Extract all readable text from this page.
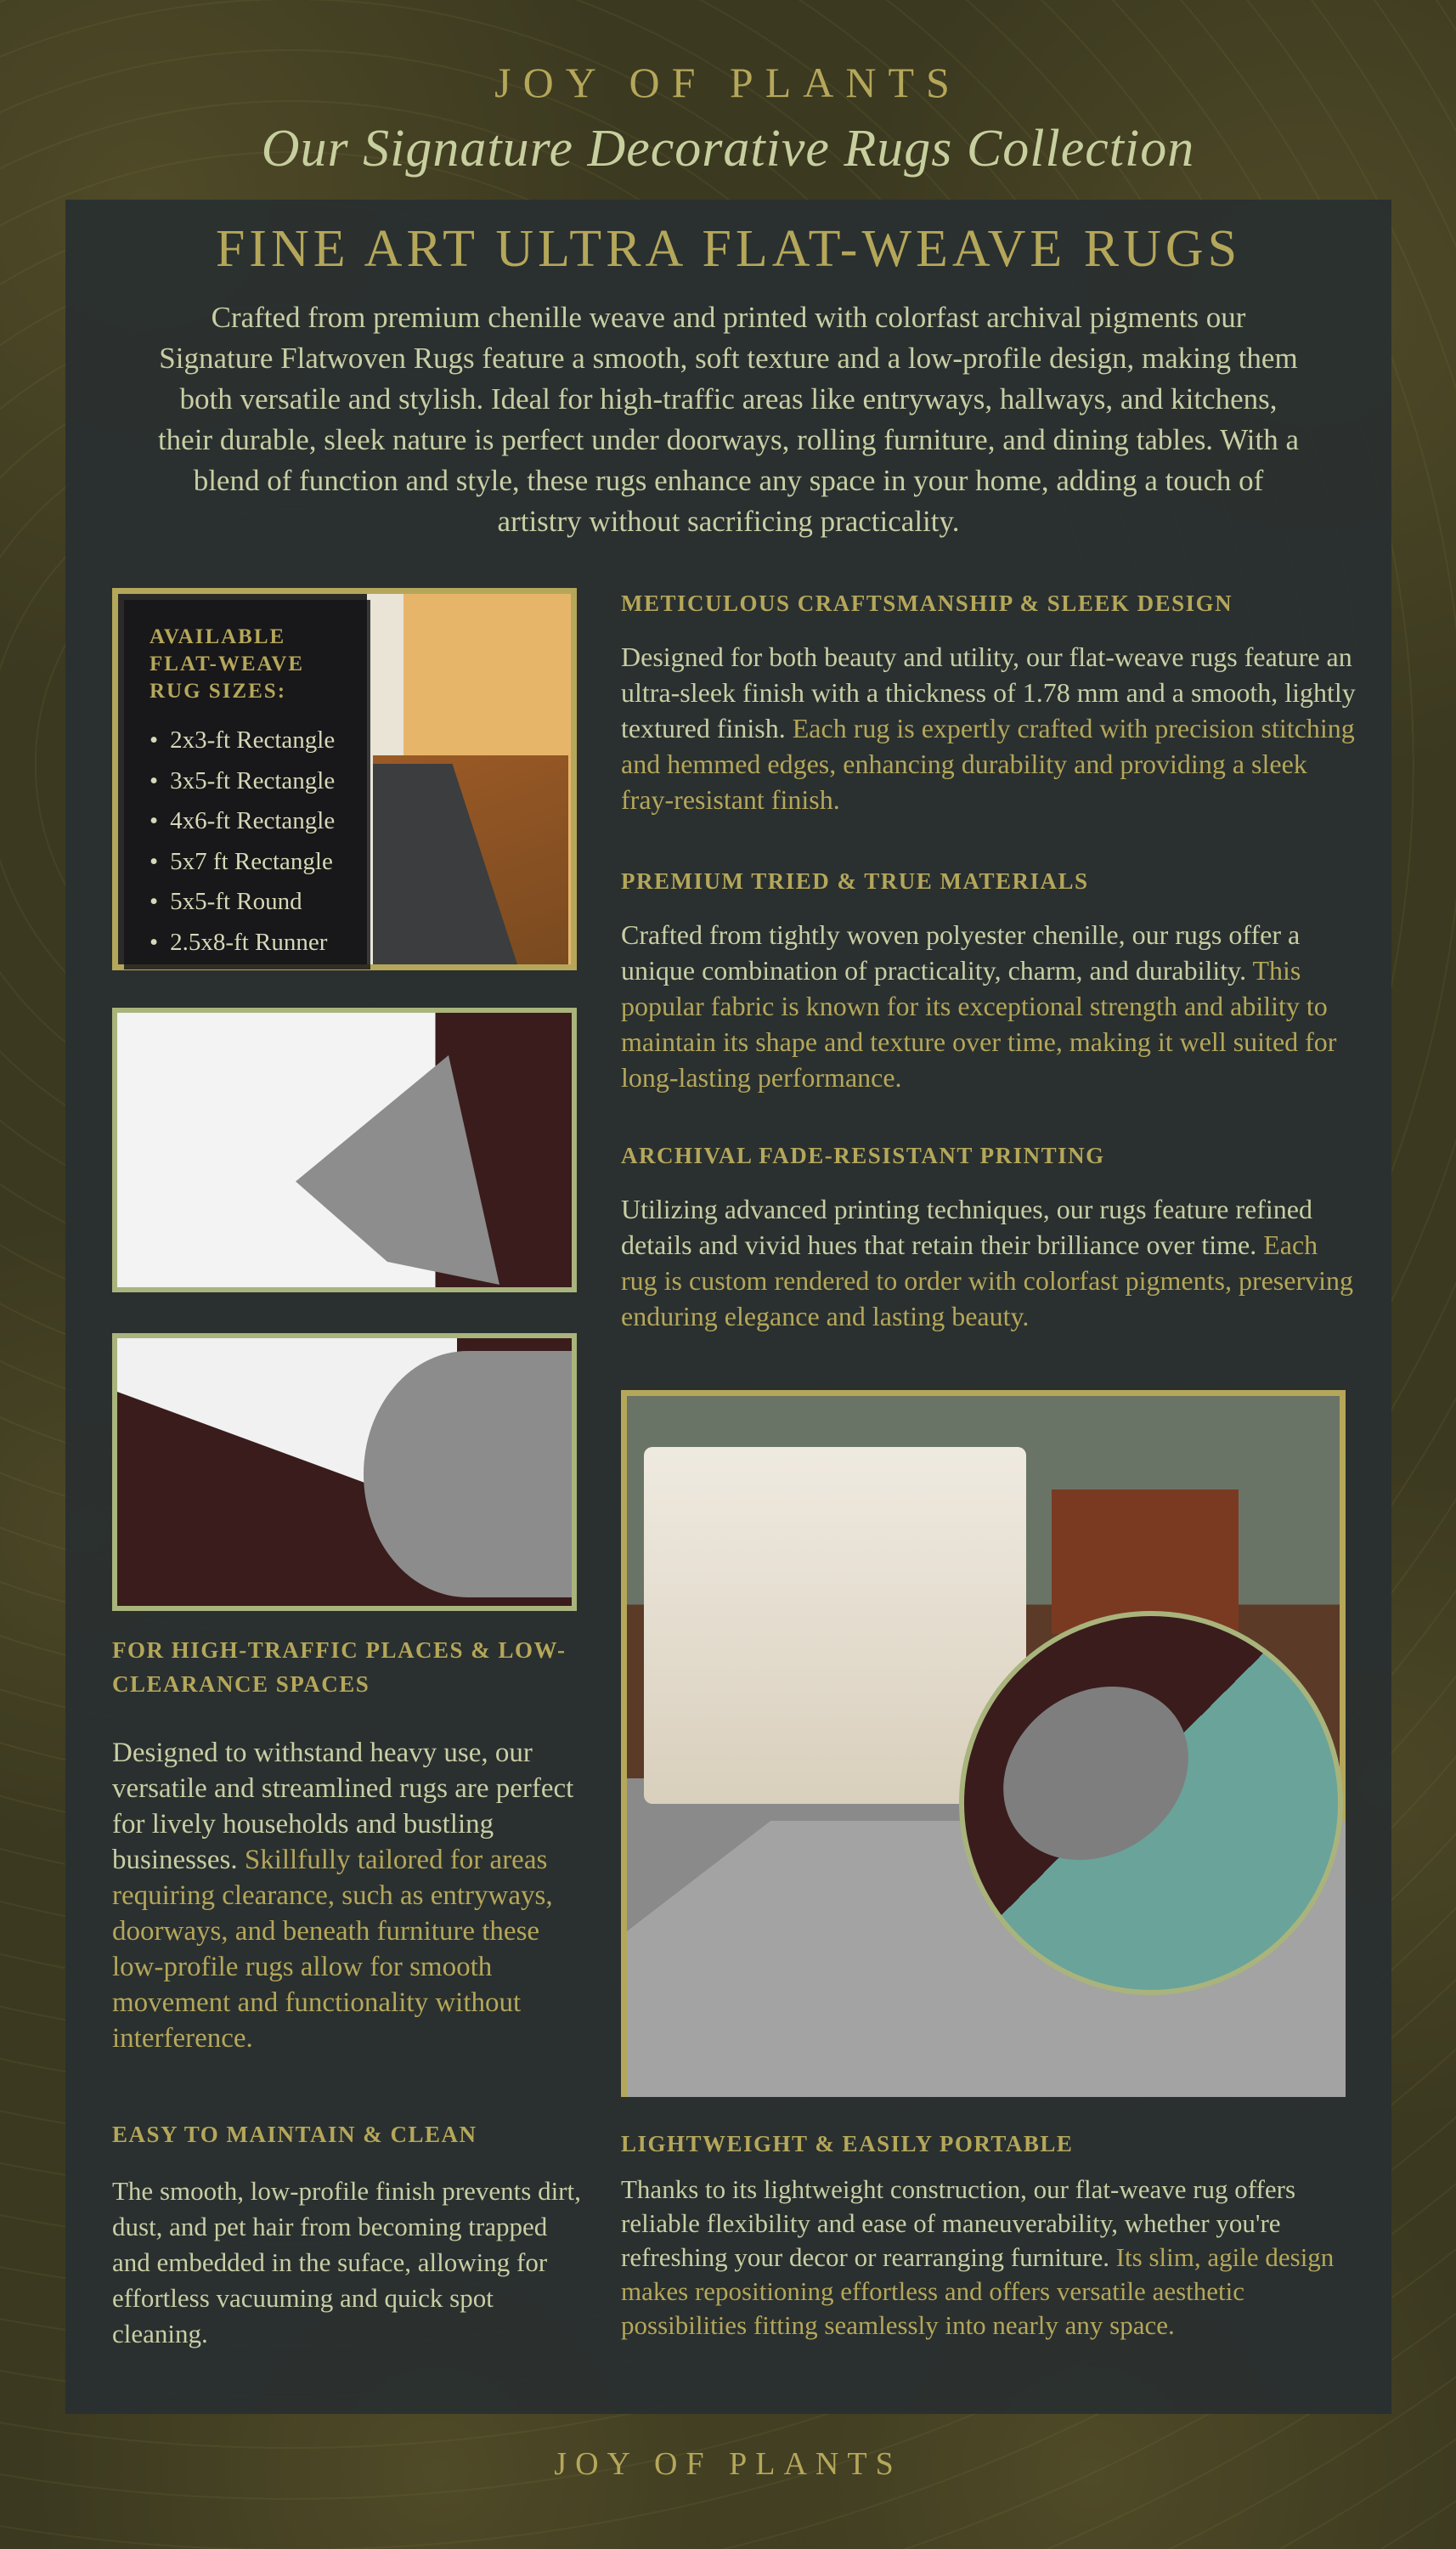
JOY OF PLANTS
Our Signature Decorative Rugs Collection
FINE ART ULTRA FLAT-WEAVE RUGS
Crafted from premium chenille weave and printed with colorfast archival pigments our Signature Flatwoven Rugs feature a smooth, soft texture and a low-profile design, making them both versatile and stylish. Ideal for high-traffic areas like entryways, hallways, and kitchens, their durable, sleek nature is perfect under doorways, rolling furniture, and dining tables. With a blend of function and style, these rugs enhance any space in your home, adding a touch of artistry without sacrificing practicality.
AVAILABLE FLAT-WEAVE RUG SIZES:
• 2x3-ft Rectangle
• 3x5-ft Rectangle
• 4x6-ft Rectangle
• 5x7 ft Rectangle
• 5x5-ft Round
• 2.5x8-ft Runner
FOR HIGH-TRAFFIC PLACES & LOW-CLEARANCE SPACES
Designed to withstand heavy use, our versatile and streamlined rugs are perfect for lively households and bustling businesses. Skillfully tailored for areas requiring clearance, such as entryways, doorways, and beneath furniture these low-profile rugs allow for smooth movement and functionality without interference.
EASY TO MAINTAIN & CLEAN
The smooth, low-profile finish prevents dirt, dust, and pet hair from becoming trapped and embedded in the suface, allowing for effortless vacuuming and quick spot cleaning.
METICULOUS CRAFTSMANSHIP & SLEEK DESIGN
Designed for both beauty and utility, our flat-weave rugs feature an ultra-sleek finish with a thickness of 1.78 mm and a smooth, lightly textured finish. Each rug is expertly crafted with precision stitching and hemmed edges, enhancing durability and providing a sleek fray-resistant finish.
PREMIUM TRIED & TRUE MATERIALS
Crafted from tightly woven polyester chenille, our rugs offer a unique combination of practicality, charm, and durability. This popular fabric is known for its exceptional strength and ability to maintain its shape and texture over time, making it well suited for long-lasting performance.
ARCHIVAL FADE-RESISTANT PRINTING
Utilizing advanced printing techniques, our rugs feature refined details and vivid hues that retain their brilliance over time. Each rug is custom rendered to order with colorfast pigments, preserving enduring elegance and lasting beauty.
LIGHTWEIGHT & EASILY PORTABLE
Thanks to its lightweight construction, our flat-weave rug offers reliable flexibility and ease of maneuverability, whether you're refreshing your decor or rearranging furniture. Its slim, agile design makes repositioning effortless and offers versatile aesthetic possibilities fitting seamlessly into nearly any space.
JOY OF PLANTS
